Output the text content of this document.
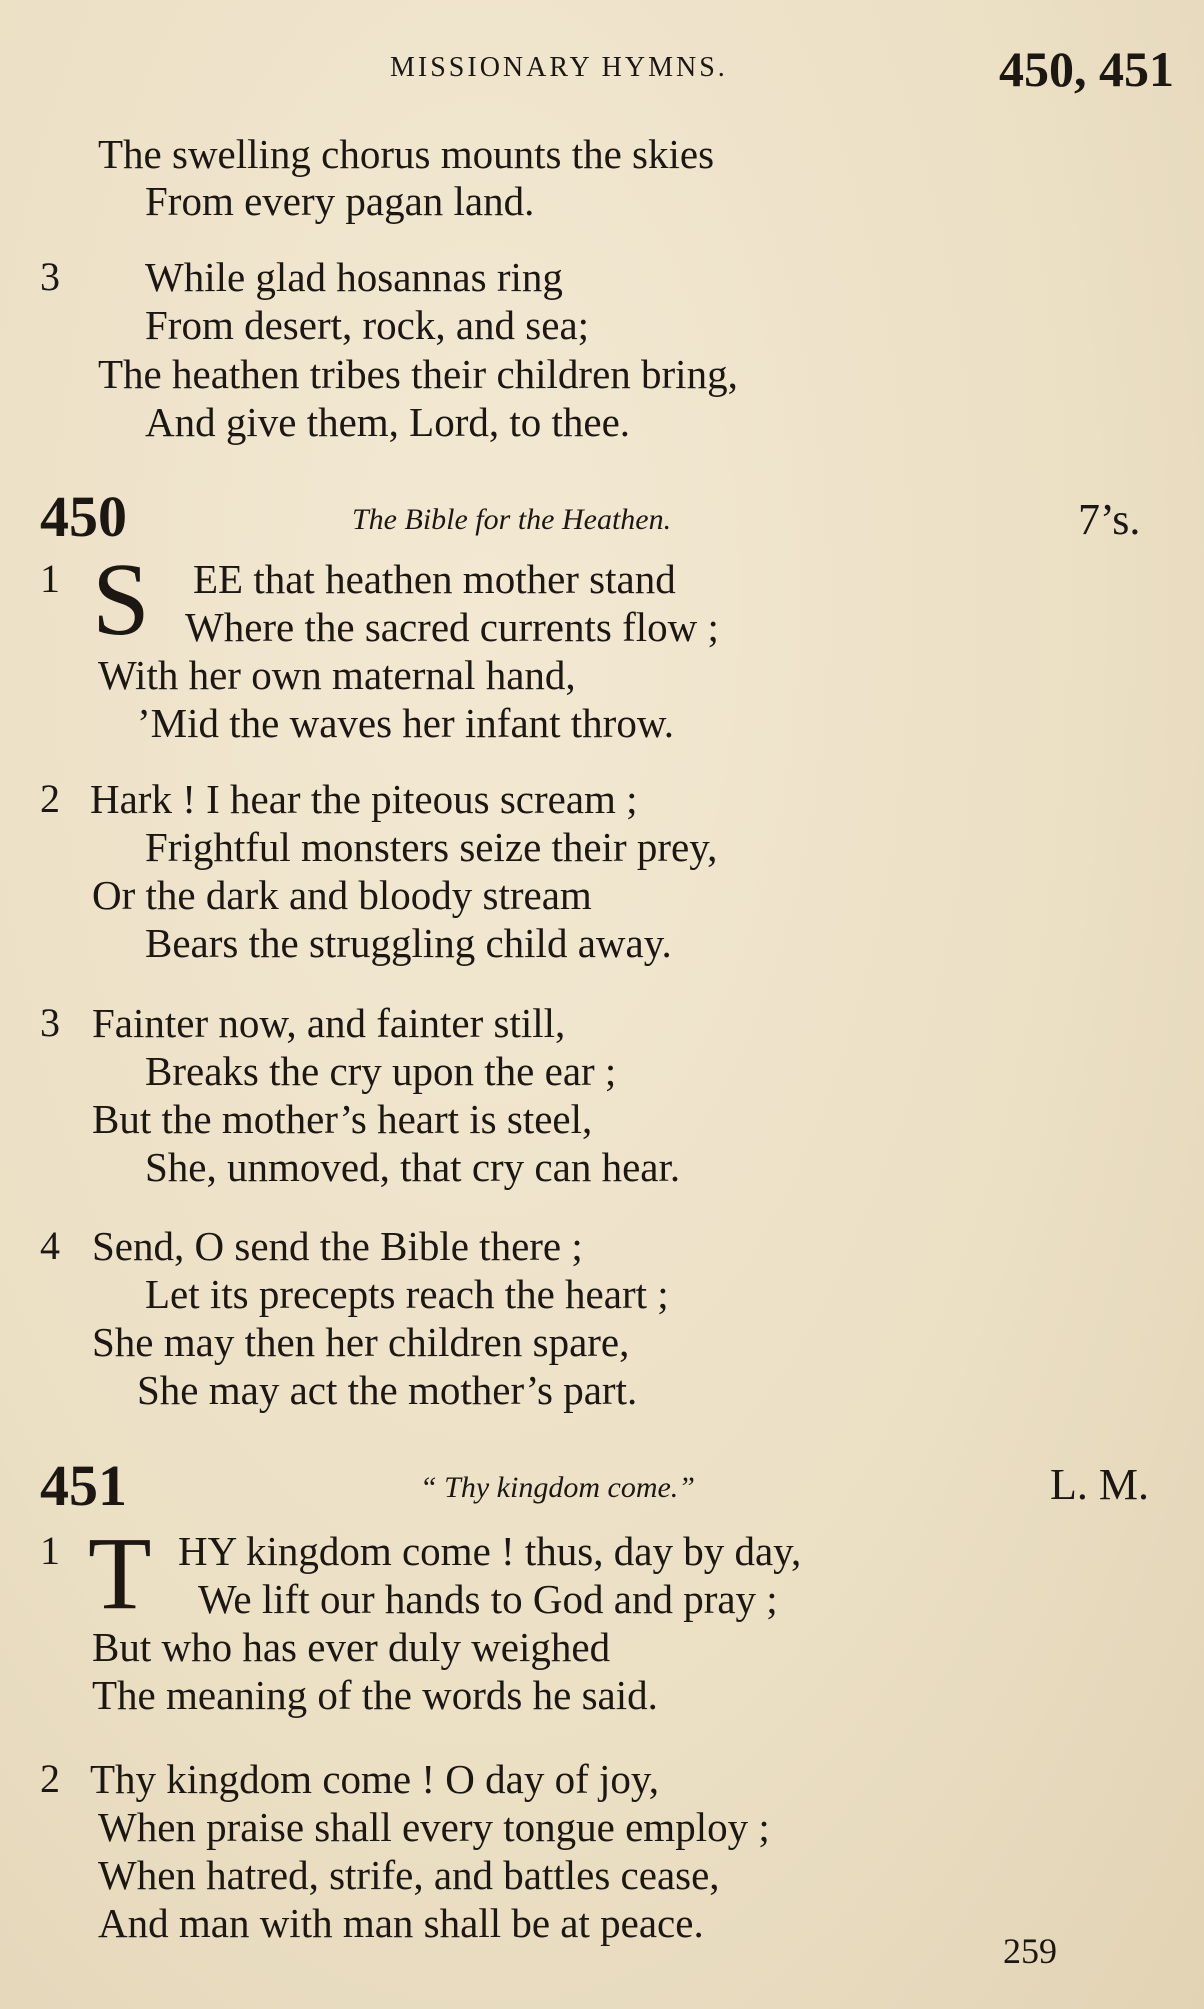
MISSIONARY HYMNS.	450, 451
The swelling chorus mounts the skies
From every pagan land.
3 While glad hosannas ring
From desert, rock, and sea;
The heathen tribes their children bring,
And give them, Lord, to thee.
450	The Bible for the Heathen.	7’s.
1 S EE that heathen mother stand
Where the sacred currents flow ;
With her own maternal hand,
’Mid the waves her infant throw.
2 Hark ! I hear the piteous scream ;
Frightful monsters seize their prey,
Or the dark and bloody stream
Bears the struggling child away.
3 Fainter now, and fainter still,
Breaks the cry upon the ear ;
But the mother’s heart is steel,
She, unmoved, that cry can hear.
4 Send, O send the Bible there ;
Let its precepts reach the heart ;
She may then her children spare,
She may act the mother’s part.
451	“ Thy kingdom come.”	L. M.
1 T HY kingdom come ! thus, day by day,
We lift our hands to God and pray ;
But who has ever duly weighed
The meaning of the words he said.
2 Thy kingdom come ! O day of joy,
When praise shall every tongue employ ;
When hatred, strife, and battles cease,
And man with man shall be at peace.
259
